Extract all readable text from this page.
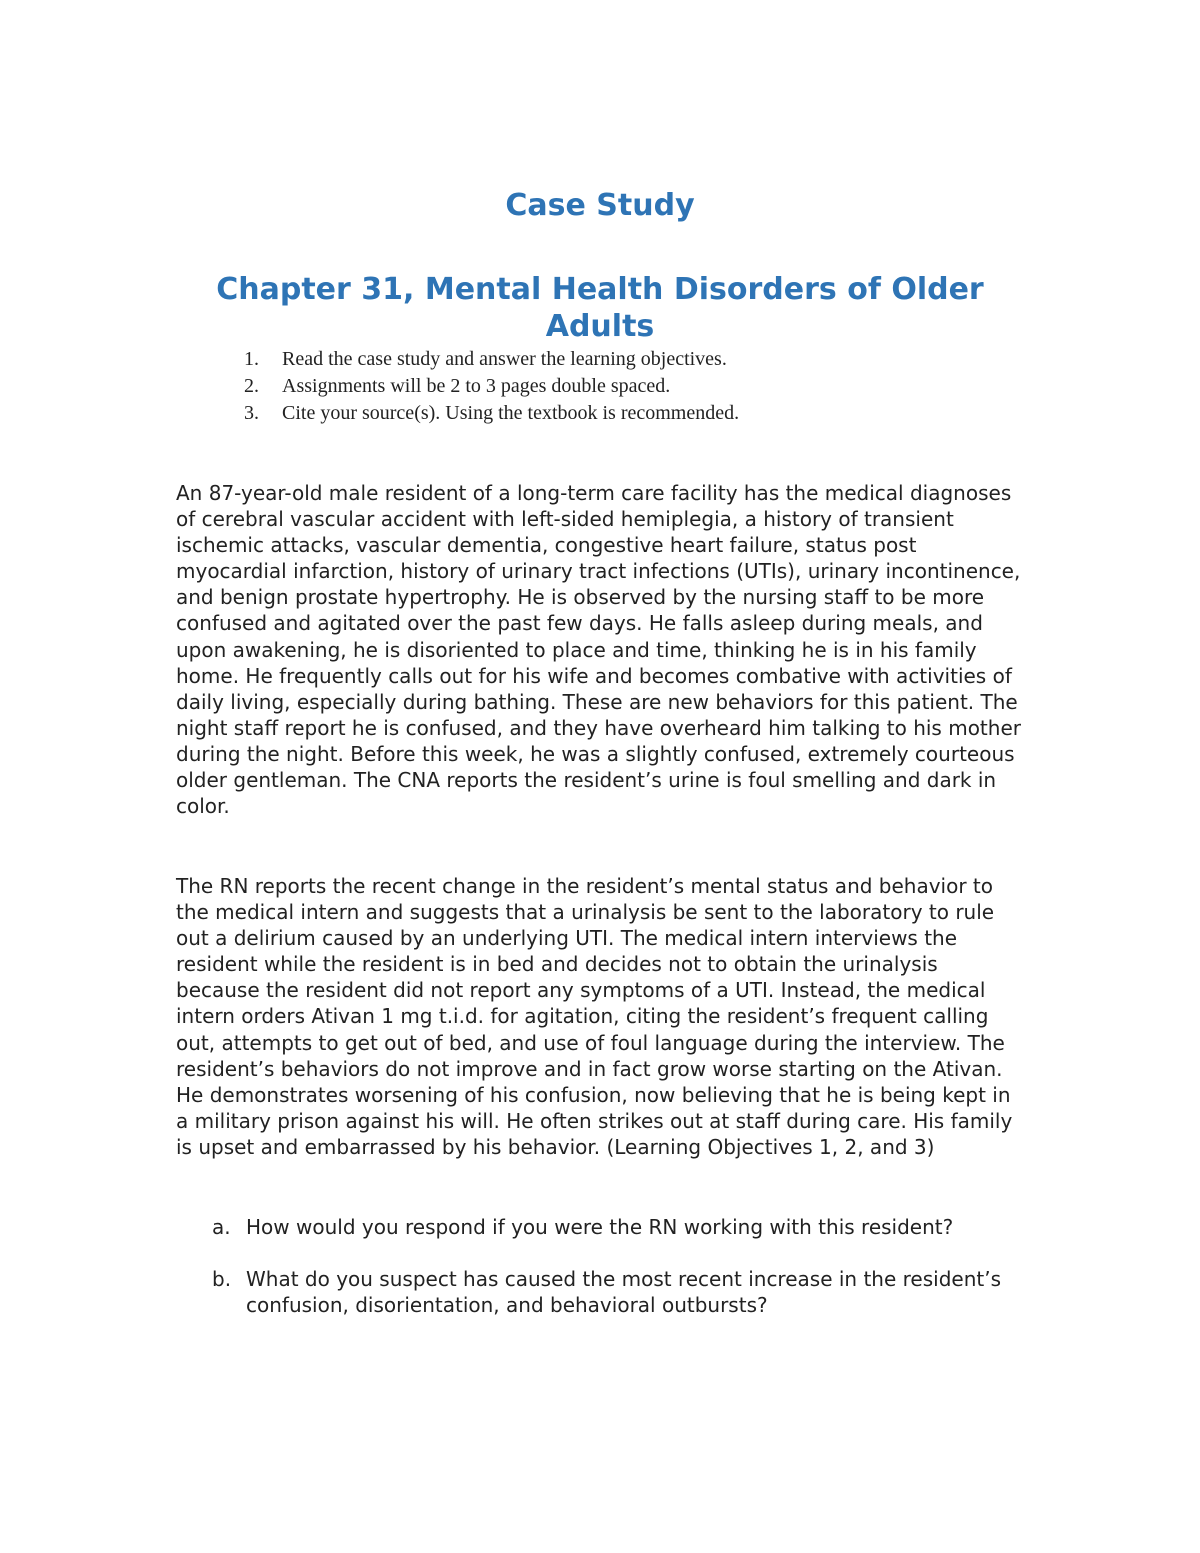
Case Study
Chapter 31, Mental Health Disorders of Older Adults
1. Read the case study and answer the learning objectives.
2. Assignments will be 2 to 3 pages double spaced.
3. Cite your source(s). Using the textbook is recommended.

An 87-year-old male resident of a long-term care facility has the medical diagnoses of cerebral vascular accident with left-sided hemiplegia, a history of transient ischemic attacks, vascular dementia, congestive heart failure, status post myocardial infarction, history of urinary tract infections (UTIs), urinary incontinence, and benign prostate hypertrophy. He is observed by the nursing staff to be more confused and agitated over the past few days. He falls asleep during meals, and upon awakening, he is disoriented to place and time, thinking he is in his family home. He frequently calls out for his wife and becomes combative with activities of daily living, especially during bathing. These are new behaviors for this patient. The night staff report he is confused, and they have overheard him talking to his mother during the night. Before this week, he was a slightly confused, extremely courteous older gentleman. The CNA reports the resident’s urine is foul smelling and dark in color.

The RN reports the recent change in the resident’s mental status and behavior to the medical intern and suggests that a urinalysis be sent to the laboratory to rule out a delirium caused by an underlying UTI. The medical intern interviews the resident while the resident is in bed and decides not to obtain the urinalysis because the resident did not report any symptoms of a UTI. Instead, the medical intern orders Ativan 1 mg t.i.d. for agitation, citing the resident’s frequent calling out, attempts to get out of bed, and use of foul language during the interview. The resident’s behaviors do not improve and in fact grow worse starting on the Ativan. He demonstrates worsening of his confusion, now believing that he is being kept in a military prison against his will. He often strikes out at staff during care. His family is upset and embarrassed by his behavior. (Learning Objectives 1, 2, and 3)

a. How would you respond if you were the RN working with this resident?
b. What do you suspect has caused the most recent increase in the resident’s confusion, disorientation, and behavioral outbursts?
